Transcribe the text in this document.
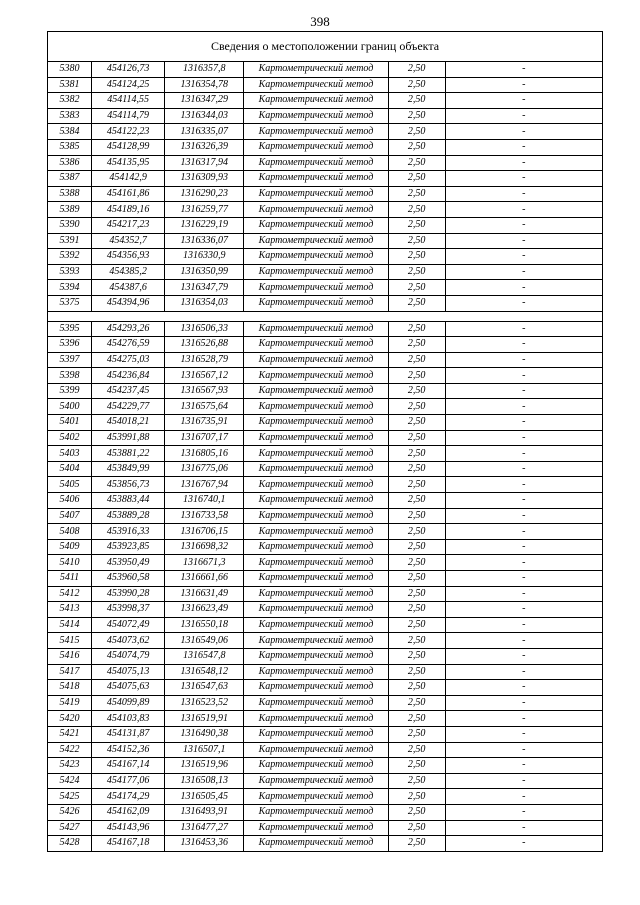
398
Сведения о местоположении границ объекта					
5380	454126,73	1316357,8	Картометрический метод	2,50	-
5381	454124,25	1316354,78	Картометрический метод	2,50	-
5382	454114,55	1316347,29	Картометрический метод	2,50	-
5383	454114,79	1316344,03	Картометрический метод	2,50	-
5384	454122,23	1316335,07	Картометрический метод	2,50	-
5385	454128,99	1316326,39	Картометрический метод	2,50	-
5386	454135,95	1316317,94	Картометрический метод	2,50	-
5387	454142,9	1316309,93	Картометрический метод	2,50	-
5388	454161,86	1316290,23	Картометрический метод	2,50	-
5389	454189,16	1316259,77	Картометрический метод	2,50	-
5390	454217,23	1316229,19	Картометрический метод	2,50	-
5391	454352,7	1316336,07	Картометрический метод	2,50	-
5392	454356,93	1316330,9	Картометрический метод	2,50	-
5393	454385,2	1316350,99	Картометрический метод	2,50	-
5394	454387,6	1316347,79	Картометрический метод	2,50	-
5375	454394,96	1316354,03	Картометрический метод	2,50	-

5395	454293,26	1316506,33	Картометрический метод	2,50	-
5396	454276,59	1316526,88	Картометрический метод	2,50	-
5397	454275,03	1316528,79	Картометрический метод	2,50	-
5398	454236,84	1316567,12	Картометрический метод	2,50	-
5399	454237,45	1316567,93	Картометрический метод	2,50	-
5400	454229,77	1316575,64	Картометрический метод	2,50	-
5401	454018,21	1316735,91	Картометрический метод	2,50	-
5402	453991,88	1316707,17	Картометрический метод	2,50	-
5403	453881,22	1316805,16	Картометрический метод	2,50	-
5404	453849,99	1316775,06	Картометрический метод	2,50	-
5405	453856,73	1316767,94	Картометрический метод	2,50	-
5406	453883,44	1316740,1	Картометрический метод	2,50	-
5407	453889,28	1316733,58	Картометрический метод	2,50	-
5408	453916,33	1316706,15	Картометрический метод	2,50	-
5409	453923,85	1316698,32	Картометрический метод	2,50	-
5410	453950,49	1316671,3	Картометрический метод	2,50	-
5411	453960,58	1316661,66	Картометрический метод	2,50	-
5412	453990,28	1316631,49	Картометрический метод	2,50	-
5413	453998,37	1316623,49	Картометрический метод	2,50	-
5414	454072,49	1316550,18	Картометрический метод	2,50	-
5415	454073,62	1316549,06	Картометрический метод	2,50	-
5416	454074,79	1316547,8	Картометрический метод	2,50	-
5417	454075,13	1316548,12	Картометрический метод	2,50	-
5418	454075,63	1316547,63	Картометрический метод	2,50	-
5419	454099,89	1316523,52	Картометрический метод	2,50	-
5420	454103,83	1316519,91	Картометрический метод	2,50	-
5421	454131,87	1316490,38	Картометрический метод	2,50	-
5422	454152,36	1316507,1	Картометрический метод	2,50	-
5423	454167,14	1316519,96	Картометрический метод	2,50	-
5424	454177,06	1316508,13	Картометрический метод	2,50	-
5425	454174,29	1316505,45	Картометрический метод	2,50	-
5426	454162,09	1316493,91	Картометрический метод	2,50	-
5427	454143,96	1316477,27	Картометрический метод	2,50	-
5428	454167,18	1316453,36	Картометрический метод	2,50	-
